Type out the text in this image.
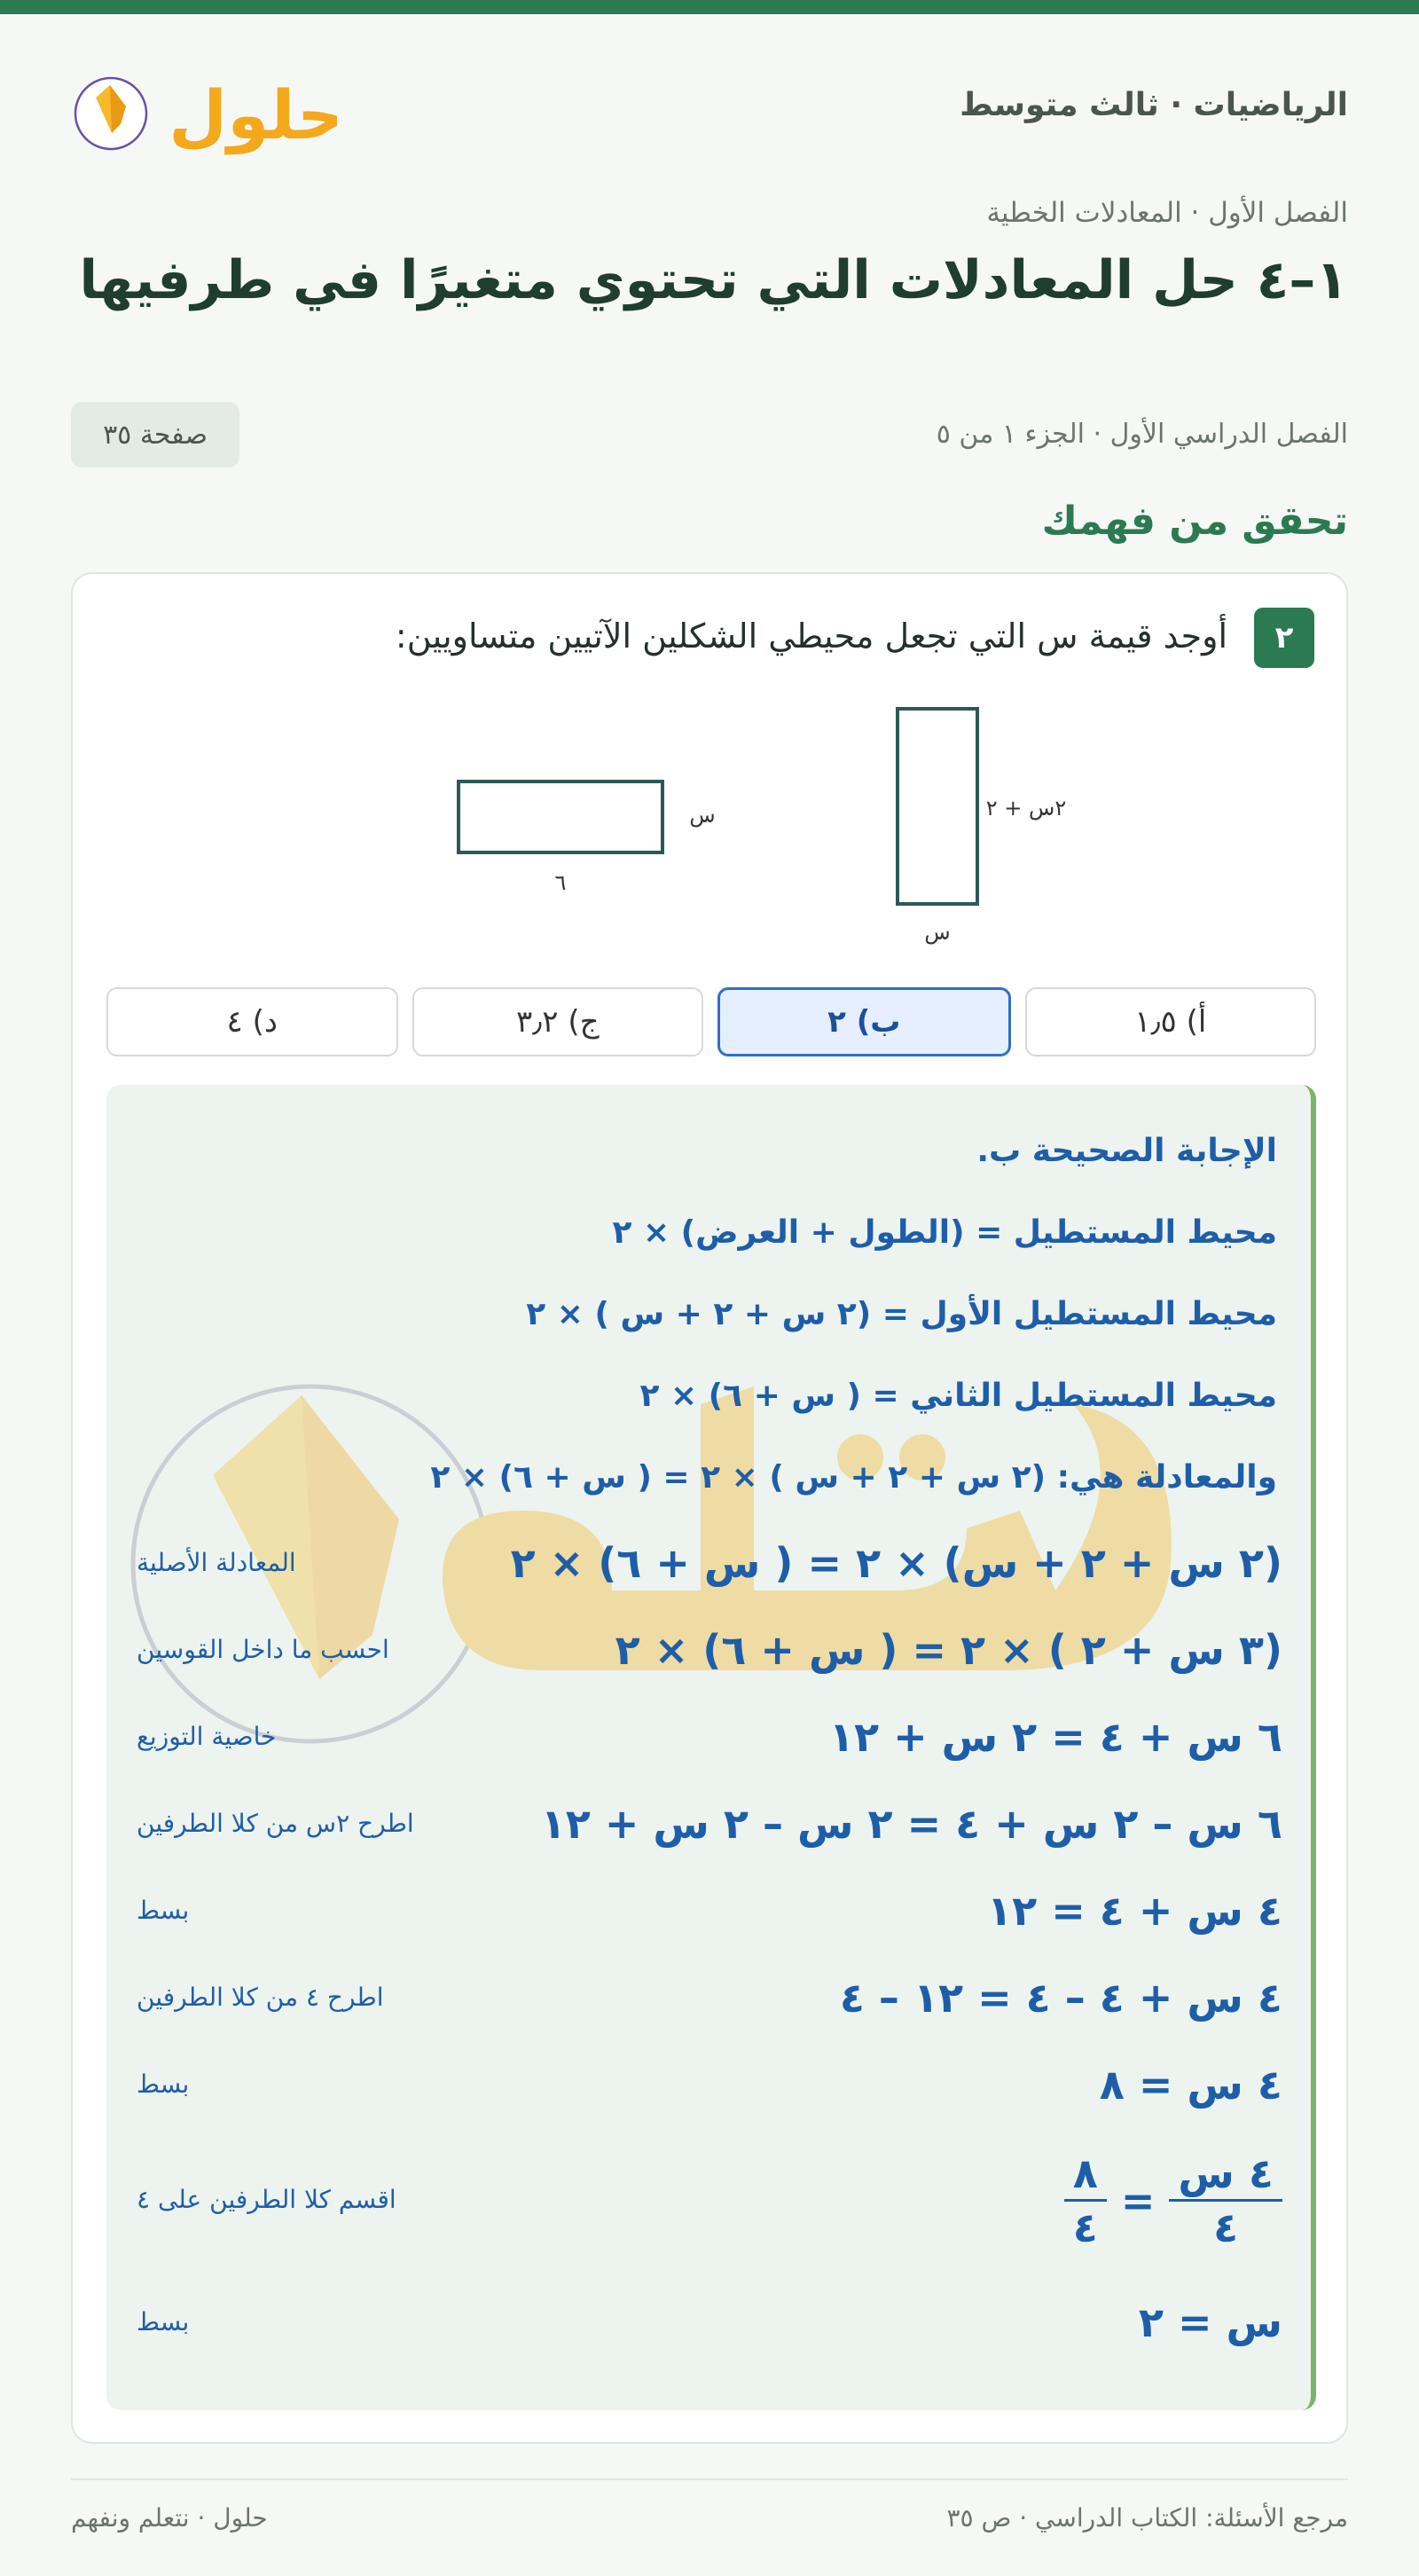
الرياضيات · ثالث متوسط
حلول
الفصل الأول · المعادلات الخطية
١–٤ حل المعادلات التي تحتوي متغيرًا في طرفيها
الفصل الدراسي الأول · الجزء ١ من ٥
صفحة ٣٥
تحقق من فهمك
٢
أوجد قيمة س التي تجعل محيطي الشكلين الآتيين متساويين:
٢س + ٢
س
س
٦
أ) ١٫٥
ب) ٢
ج) ٣٫٢
د) ٤
الإجابة الصحيحة ب.
محيط المستطيل = (الطول + العرض) × ٢
محيط المستطيل الأول = (٢ س + ٢ + س ) × ٢
محيط المستطيل الثاني = ( س + ٦) × ٢
والمعادلة هي: (٢ س + ٢ + س ) × ٢ = ( س + ٦) × ٢
(٢ س + ٢ + س) × ٢ = ( س + ٦) × ٢
المعادلة الأصلية
(٣ س + ٢ ) × ٢ = ( س + ٦) × ٢
احسب ما داخل القوسين
٦ س + ٤ = ٢ س + ١٢
خاصية التوزيع
٦ س – ٢ س + ٤ = ٢ س – ٢ س + ١٢
اطرح ٢س من كلا الطرفين
٤ س + ٤ = ١٢
بسط
٤ س + ٤ – ٤ = ١٢ – ٤
اطرح ٤ من كلا الطرفين
٤ س = ٨
بسط
$\frac{\text{٤ س}}{٤}$
=
$\frac{٨}{٤}$
اقسم كلا الطرفين على ٤
س = ٢
بسط
مرجع الأسئلة: الكتاب الدراسي · ص ٣٥
حلول · نتعلم ونفهم
